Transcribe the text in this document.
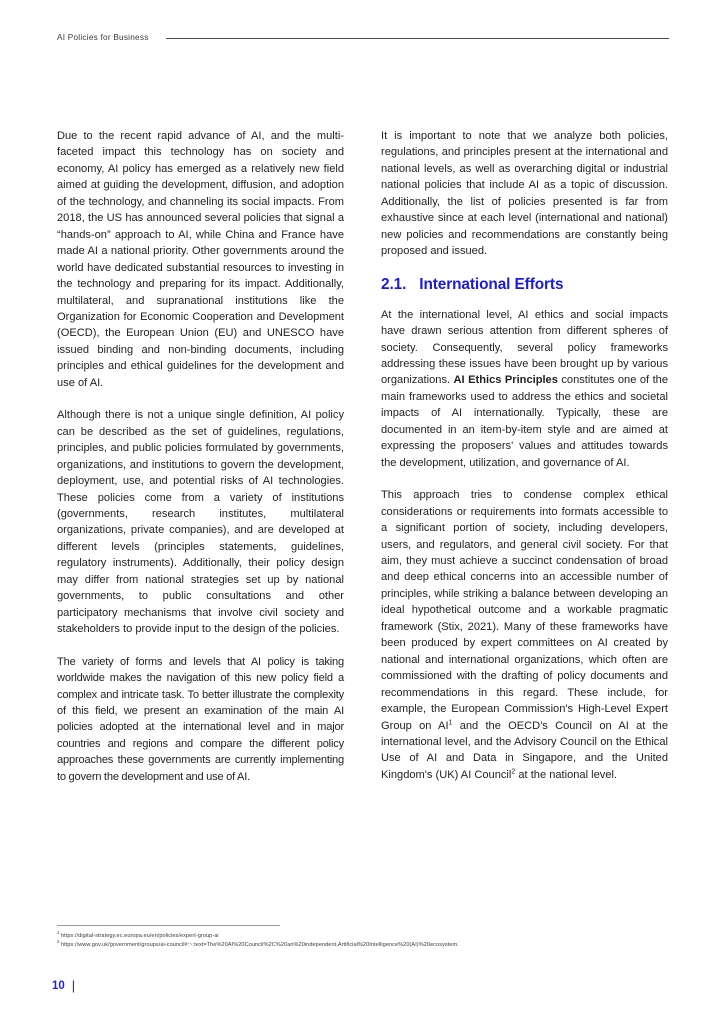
AI Policies for Business

Due to the recent rapid advance of AI, and the multi-faceted impact this technology has on society and economy, AI policy has emerged as a relatively new field aimed at guiding the development, diffusion, and adoption of the technology, and channeling its social impacts. From 2018, the US has announced several policies that signal a “hands-on” approach to AI, while China and France have made AI a national priority. Other governments around the world have dedicated substantial resources to investing in the technology and preparing for its impact. Additionally, multilateral, and supranational institutions like the Organization for Economic Cooperation and Development (OECD), the European Union (EU) and UNESCO have issued binding and non-binding documents, including principles and ethical guidelines for the development and use of AI.

Although there is not a unique single definition, AI policy can be described as the set of guidelines, regulations, principles, and public policies formulated by governments, organizations, and institutions to govern the development, deployment, use, and potential risks of AI technologies. These policies come from a variety of institutions (governments, research institutes, multilateral organizations, private companies), and are developed at different levels (principles statements, guidelines, regulatory instruments). Additionally, their policy design may differ from national strategies set up by national governments, to public consultations and other participatory mechanisms that involve civil society and stakeholders to provide input to the design of the policies.

The variety of forms and levels that AI policy is taking worldwide makes the navigation of this new policy field a complex and intricate task. To better illustrate the complexity of this field, we present an examination of the main AI policies adopted at the international level and in major countries and regions and compare the different policy approaches these governments are currently implementing to govern the development and use of AI.

It is important to note that we analyze both policies, regulations, and principles present at the international and national levels, as well as overarching digital or industrial national policies that include AI as a topic of discussion. Additionally, the list of policies presented is far from exhaustive since at each level (international and national) new policies and recommendations are constantly being proposed and issued.

2.1. International Efforts

At the international level, AI ethics and social impacts have drawn serious attention from different spheres of society. Consequently, several policy frameworks addressing these issues have been brought up by various organizations. AI Ethics Principles constitutes one of the main frameworks used to address the ethics and societal impacts of AI internationally. Typically, these are documented in an item-by-item style and are aimed at expressing the proposers' values and attitudes towards the development, utilization, and governance of AI.

This approach tries to condense complex ethical considerations or requirements into formats accessible to a significant portion of society, including developers, users, and regulators, and general civil society. For that aim, they must achieve a succinct condensation of broad and deep ethical concerns into an accessible number of principles, while striking a balance between developing an ideal hypothetical outcome and a workable pragmatic framework (Stix, 2021). Many of these frameworks have been produced by expert committees on AI created by national and international organizations, which often are commissioned with the drafting of policy documents and recommendations in this regard. These include, for example, the European Commission's High-Level Expert Group on AI$^1$ and the OECD's Council on AI at the international level, and the Advisory Council on the Ethical Use of AI and Data in Singapore, and the United Kingdom's (UK) AI Council$^2$ at the national level.

$^1$https://digital-strategy.ec.europa.eu/en/policies/expert-group-ai
$^2$https://www.gov.uk/government/groups/ai-council#:~:text=The%20AI%20Council%2C%20an%20independent,Artificial%20Intelligence%20(AI)%20ecosystem.
10 |
